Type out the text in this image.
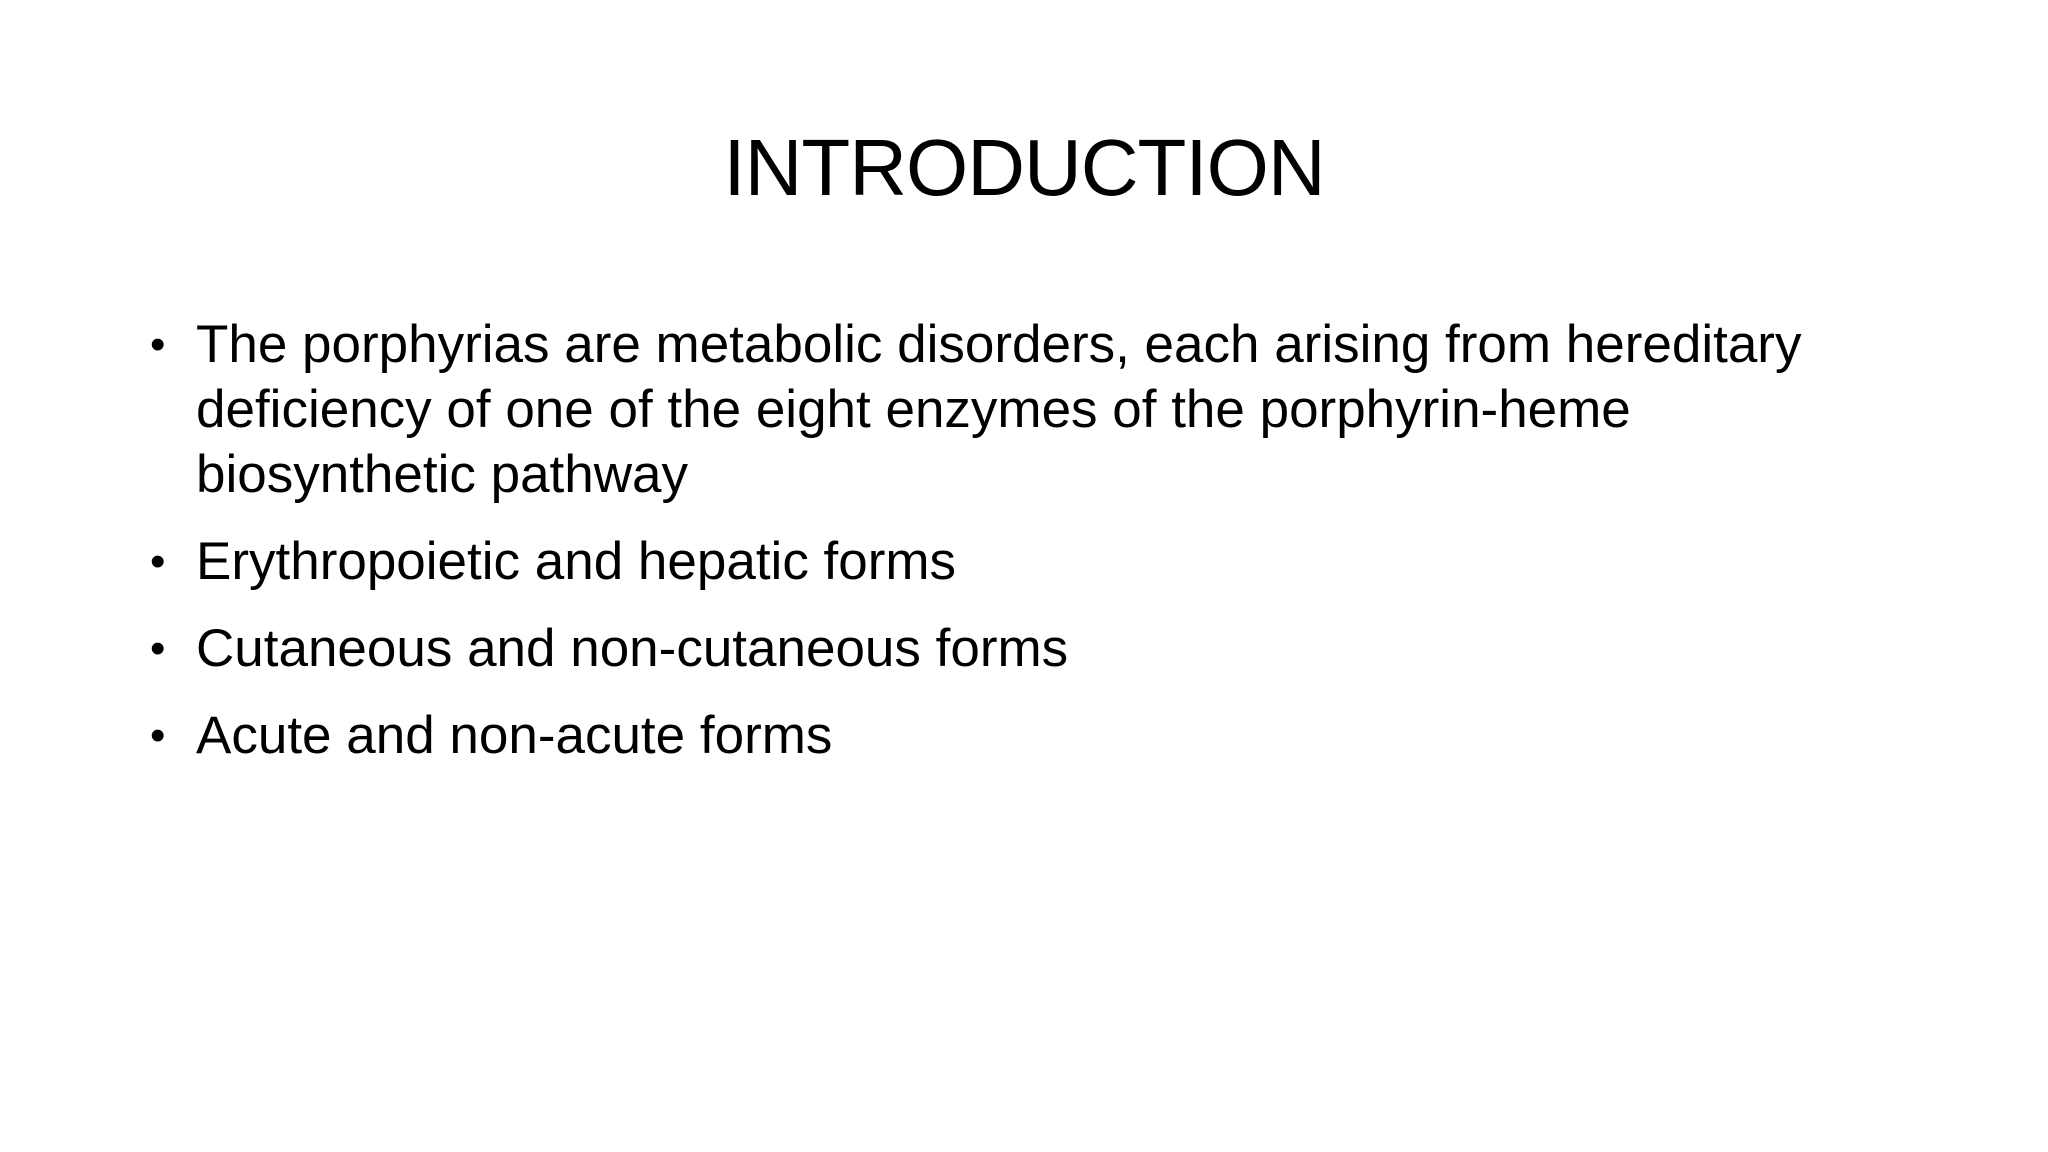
INTRODUCTION
• The porphyrias are metabolic disorders, each arising from hereditary deficiency of one of the eight enzymes of the porphyrin-heme biosynthetic pathway
• Erythropoietic and hepatic forms
• Cutaneous and non-cutaneous forms
• Acute and non-acute forms
